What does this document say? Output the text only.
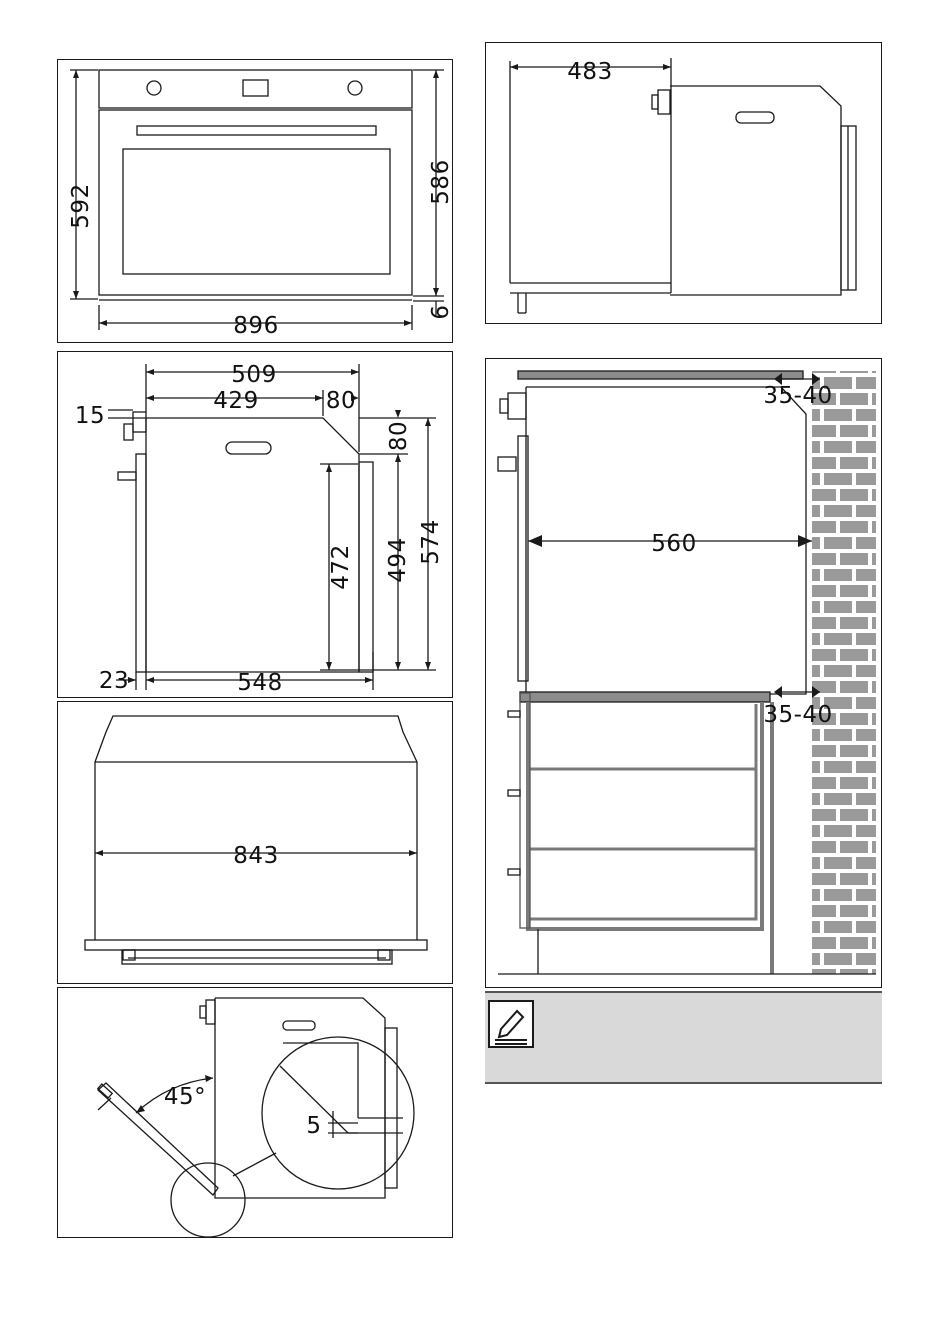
592
586
6
896
483
509
429	80
15
80
472 494 574
23	548
843
45°
5
35-40
560
35-40
